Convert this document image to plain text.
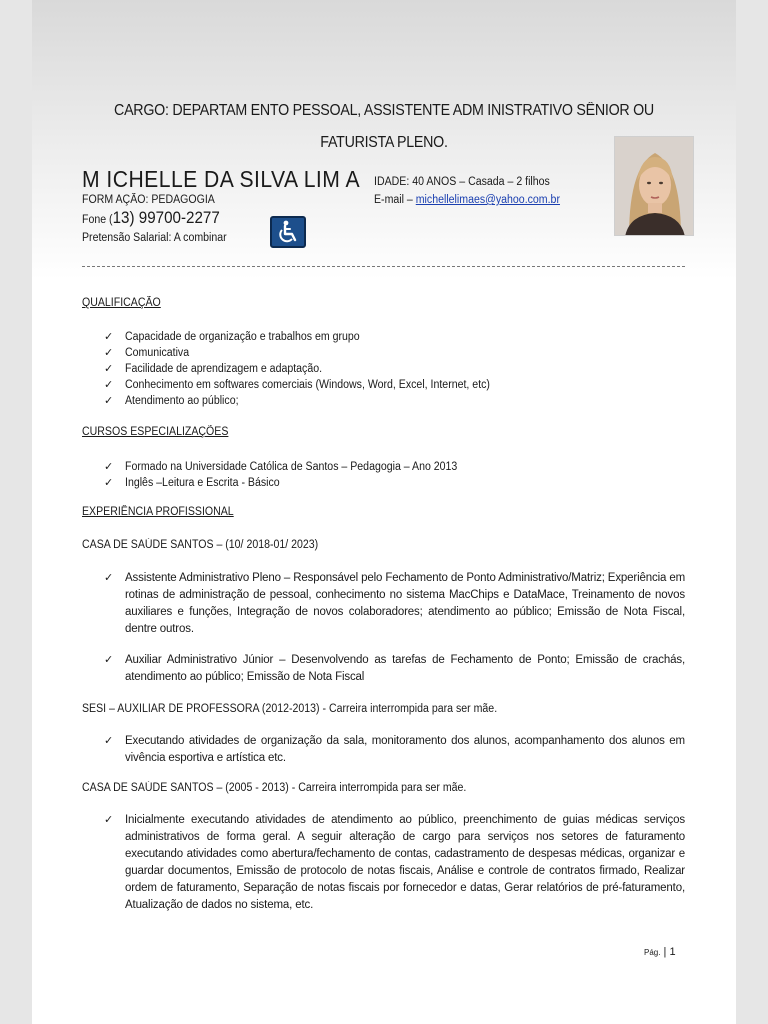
CARGO: DEPARTAM ENTO PESSOAL, ASSISTENTE ADM INISTRATIVO SÊNIOR OU
FATURISTA PLENO.
M ICHELLE DA SILVA LIM A
FORM AÇÃO: PEDAGOGIA
Fone (13) 99700-2277
Pretensão Salarial: A combinar
IDADE: 40 ANOS – Casada – 2 filhos
E-mail – michellelimaes@yahoo.com.br
QUALIFICAÇÃO
✓ Capacidade de organização e trabalhos em grupo
✓ Comunicativa
✓ Facilidade de aprendizagem e adaptação.
✓ Conhecimento em softwares comerciais (Windows, Word, Excel, Internet, etc)
✓ Atendimento ao público;
CURSOS ESPECIALIZAÇÕES
✓ Formado na Universidade Católica de Santos – Pedagogia – Ano 2013
✓ Inglês –Leitura e Escrita - Básico
EXPERIÊNCIA PROFISSIONAL
CASA DE SAÚDE SANTOS – (10/ 2018-01/ 2023)
✓ Assistente Administrativo Pleno – Responsável pelo Fechamento de Ponto Administrativo/Matriz; Experiência em rotinas de administração de pessoal, conhecimento no sistema MacChips e DataMace, Treinamento de novos auxiliares e funções, Integração de novos colaboradores; atendimento ao público; Emissão de Nota Fiscal, dentre outros.
✓ Auxiliar Administrativo Júnior – Desenvolvendo as tarefas de Fechamento de Ponto; Emissão de crachás, atendimento ao público; Emissão de Nota Fiscal
SESI – AUXILIAR DE PROFESSORA (2012-2013) - Carreira interrompida para ser mãe.
✓ Executando atividades de organização da sala, monitoramento dos alunos, acompanhamento dos alunos em vivência esportiva e artística etc.
CASA DE SAÚDE SANTOS – (2005 - 2013) - Carreira interrompida para ser mãe.
✓ Inicialmente executando atividades de atendimento ao público, preenchimento de guias médicas serviços administrativos de forma geral. A seguir alteração de cargo para serviços nos setores de faturamento executando atividades como abertura/fechamento de contas, cadastramento de despesas médicas, organizar e guardar documentos, Emissão de protocolo de notas fiscais, Análise e controle de contratos firmado, Realizar ordem de faturamento, Separação de notas fiscais por fornecedor e datas, Gerar relatórios de pré-faturamento, Atualização de dados no sistema, etc.
Pág. | 1
